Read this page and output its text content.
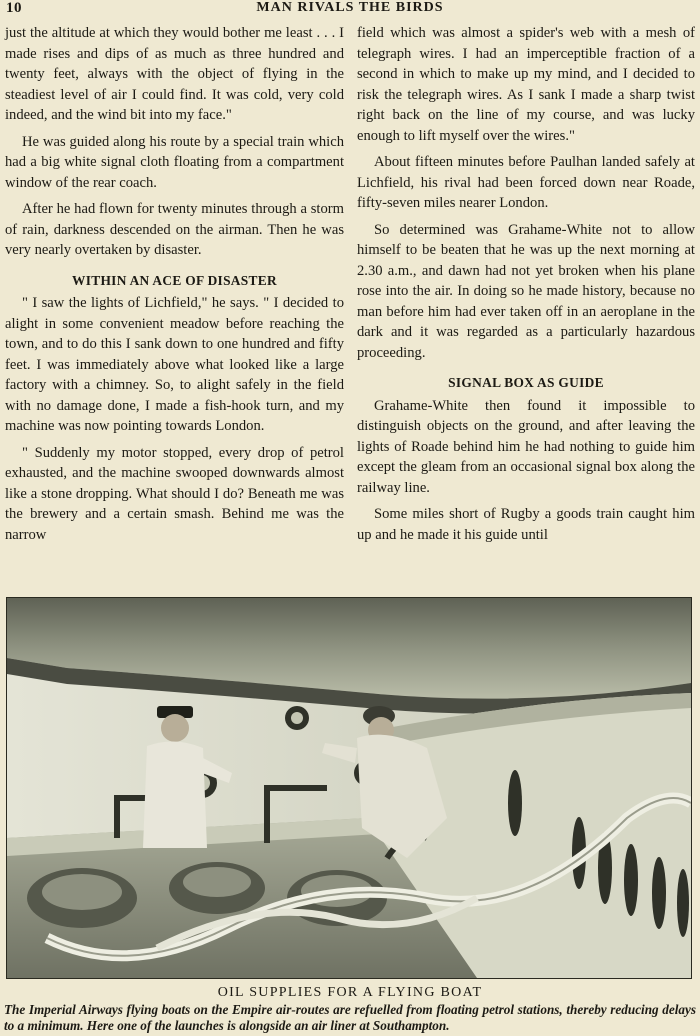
10	MAN RIVALS THE BIRDS

just the altitude at which they would bother me least . . . I made rises and dips of as much as three hundred and twenty feet, always with the object of flying in the steadiest level of air I could find. It was cold, very cold indeed, and the wind bit into my face."

He was guided along his route by a special train which had a big white signal cloth floating from a compartment window of the rear coach.

After he had flown for twenty minutes through a storm of rain, darkness descended on the airman. Then he was very nearly overtaken by disaster.

WITHIN AN ACE OF DISASTER

" I saw the lights of Lichfield," he says. " I decided to alight in some convenient meadow before reaching the town, and to do this I sank down to one hundred and fifty feet. I was immediately above what looked like a large factory with a chimney. So, to alight safely in the field with no damage done, I made a fish-hook turn, and my machine was now pointing towards London.

" Suddenly my motor stopped, every drop of petrol exhausted, and the machine swooped downwards almost like a stone dropping. What should I do? Beneath me was the brewery and a certain smash. Behind me was the narrow

field which was almost a spider's web with a mesh of telegraph wires. I had an imperceptible fraction of a second in which to make up my mind, and I decided to risk the telegraph wires. As I sank I made a sharp twist right back on the line of my course, and was lucky enough to lift myself over the wires."

About fifteen minutes before Paulhan landed safely at Lichfield, his rival had been forced down near Roade, fifty-seven miles nearer London.

So determined was Grahame-White not to allow himself to be beaten that he was up the next morning at 2.30 a.m., and dawn had not yet broken when his plane rose into the air. In doing so he made history, because no man before him had ever taken off in an aeroplane in the dark and it was regarded as a particularly hazardous proceeding.

SIGNAL BOX AS GUIDE

Grahame-White then found it impossible to distinguish objects on the ground, and after leaving the lights of Roade behind him he had nothing to guide him except the gleam from an occasional signal box along the railway line.

Some miles short of Rugby a goods train caught him up and he made it his guide until

OIL SUPPLIES FOR A FLYING BOAT
The Imperial Airways flying boats on the Empire air-routes are refuelled from floating petrol stations, thereby reducing delays to a minimum. Here one of the launches is alongside an air liner at Southampton.
